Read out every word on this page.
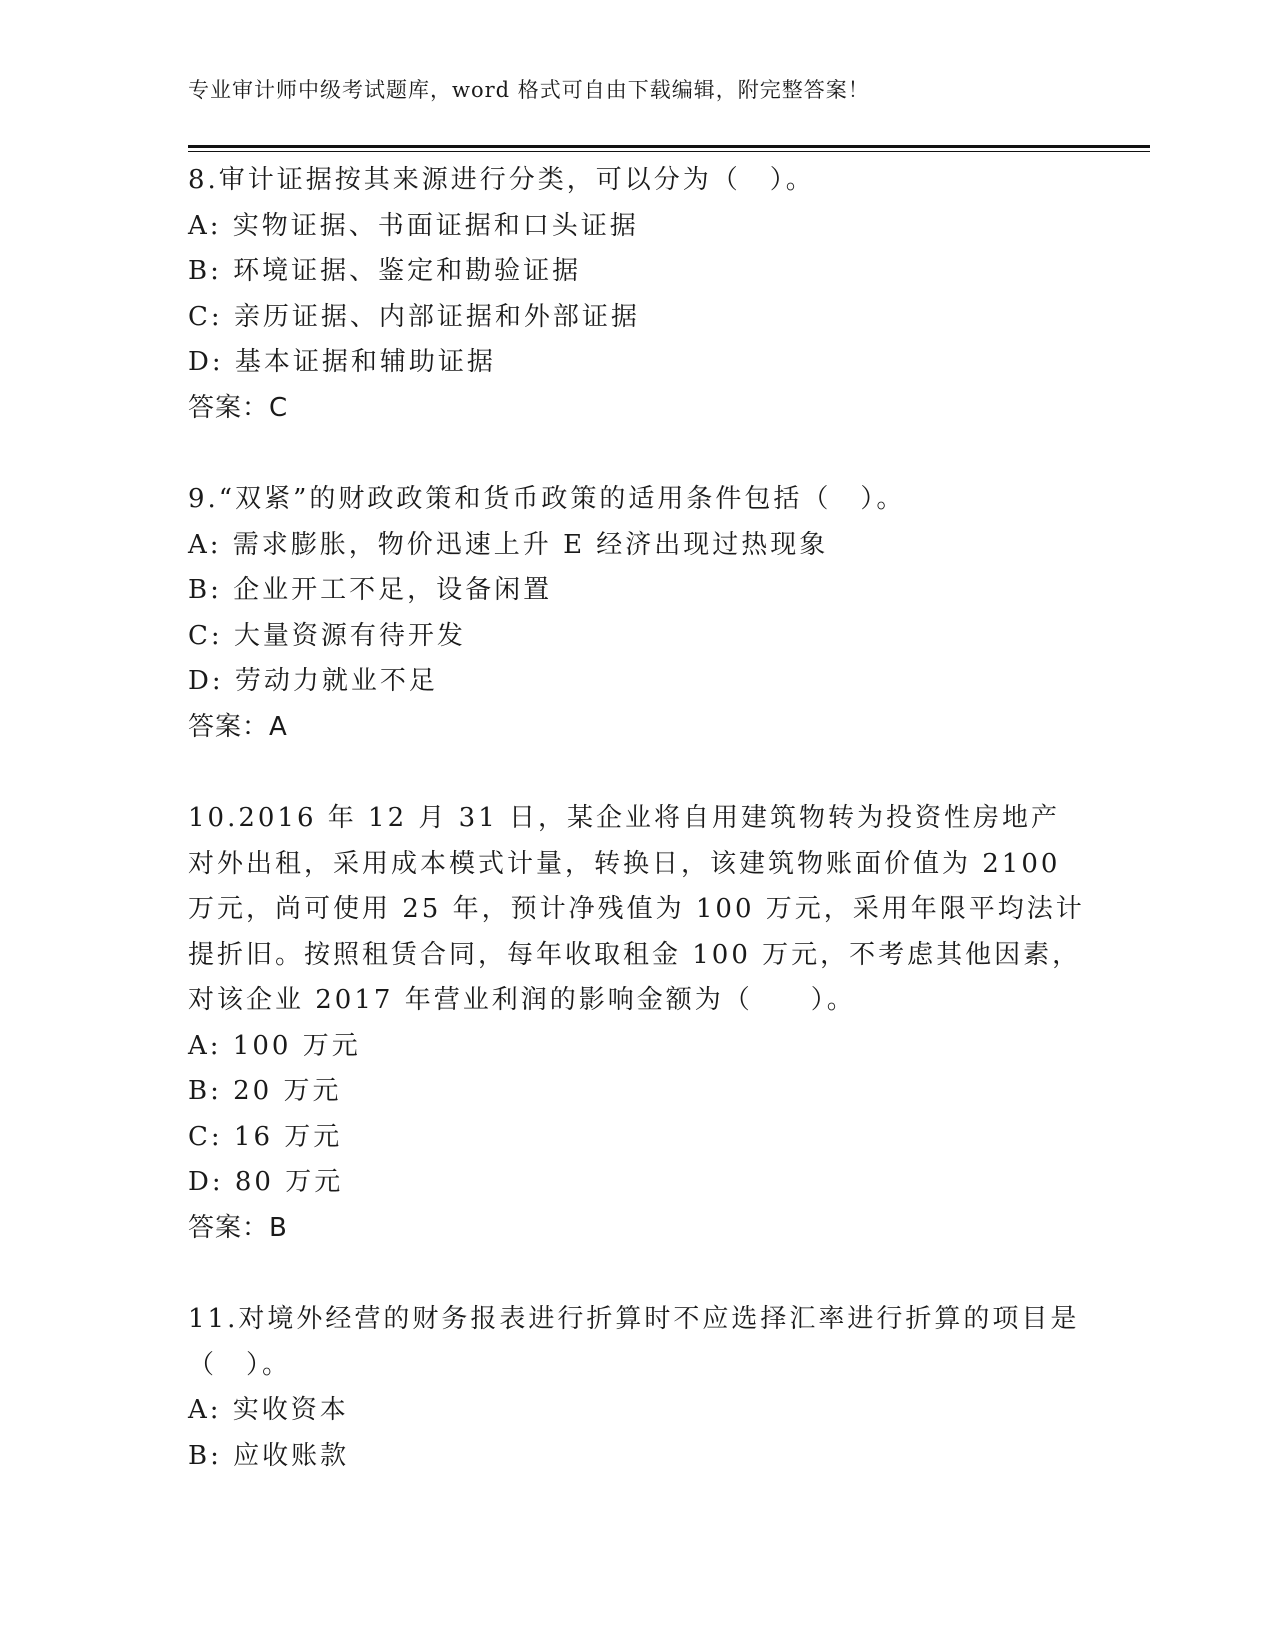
专业审计师中级考试题库，word 格式可自由下载编辑，附完整答案！

8.审计证据按其来源进行分类，可以分为（　）。

A: 实物证据、书面证据和口头证据

B: 环境证据、鉴定和勘验证据

C: 亲历证据、内部证据和外部证据

D: 基本证据和辅助证据

答案：C

9.“双紧”的财政政策和货币政策的适用条件包括（　）。

A: 需求膨胀，物价迅速上升 E 经济出现过热现象

B: 企业开工不足，设备闲置

C: 大量资源有待开发

D: 劳动力就业不足

答案：A

10.2016 年 12 月 31 日，某企业将自用建筑物转为投资性房地产对外出租，采用成本模式计量，转换日，该建筑物账面价值为 2100 万元，尚可使用 25 年，预计净残值为 100 万元，采用年限平均法计提折旧。按照租赁合同，每年收取租金 100 万元，不考虑其他因素，对该企业 2017 年营业利润的影响金额为（　　）。

A: 100 万元

B: 20 万元

C: 16 万元

D: 80 万元

答案：B

11.对境外经营的财务报表进行折算时不应选择汇率进行折算的项目是（　）。

A: 实收资本

B: 应收账款
